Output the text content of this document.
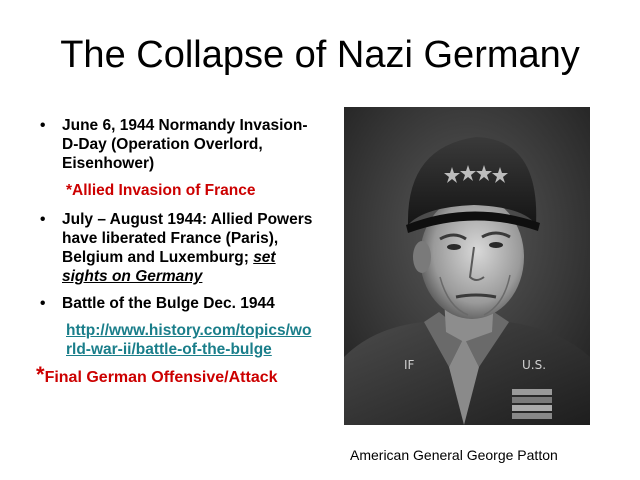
The Collapse of Nazi Germany
• June 6, 1944 Normandy Invasion- D-Day (Operation Overlord, Eisenhower)
*Allied Invasion of France
• July – August 1944: Allied Powers have liberated France (Paris), Belgium and Luxemburg; set sights on Germany
• Battle of the Bulge Dec. 1944
http://www.history.com/topics/world-war-ii/battle-of-the-bulge
*Final German Offensive/Attack
IF	U.S.
American General George Patton
